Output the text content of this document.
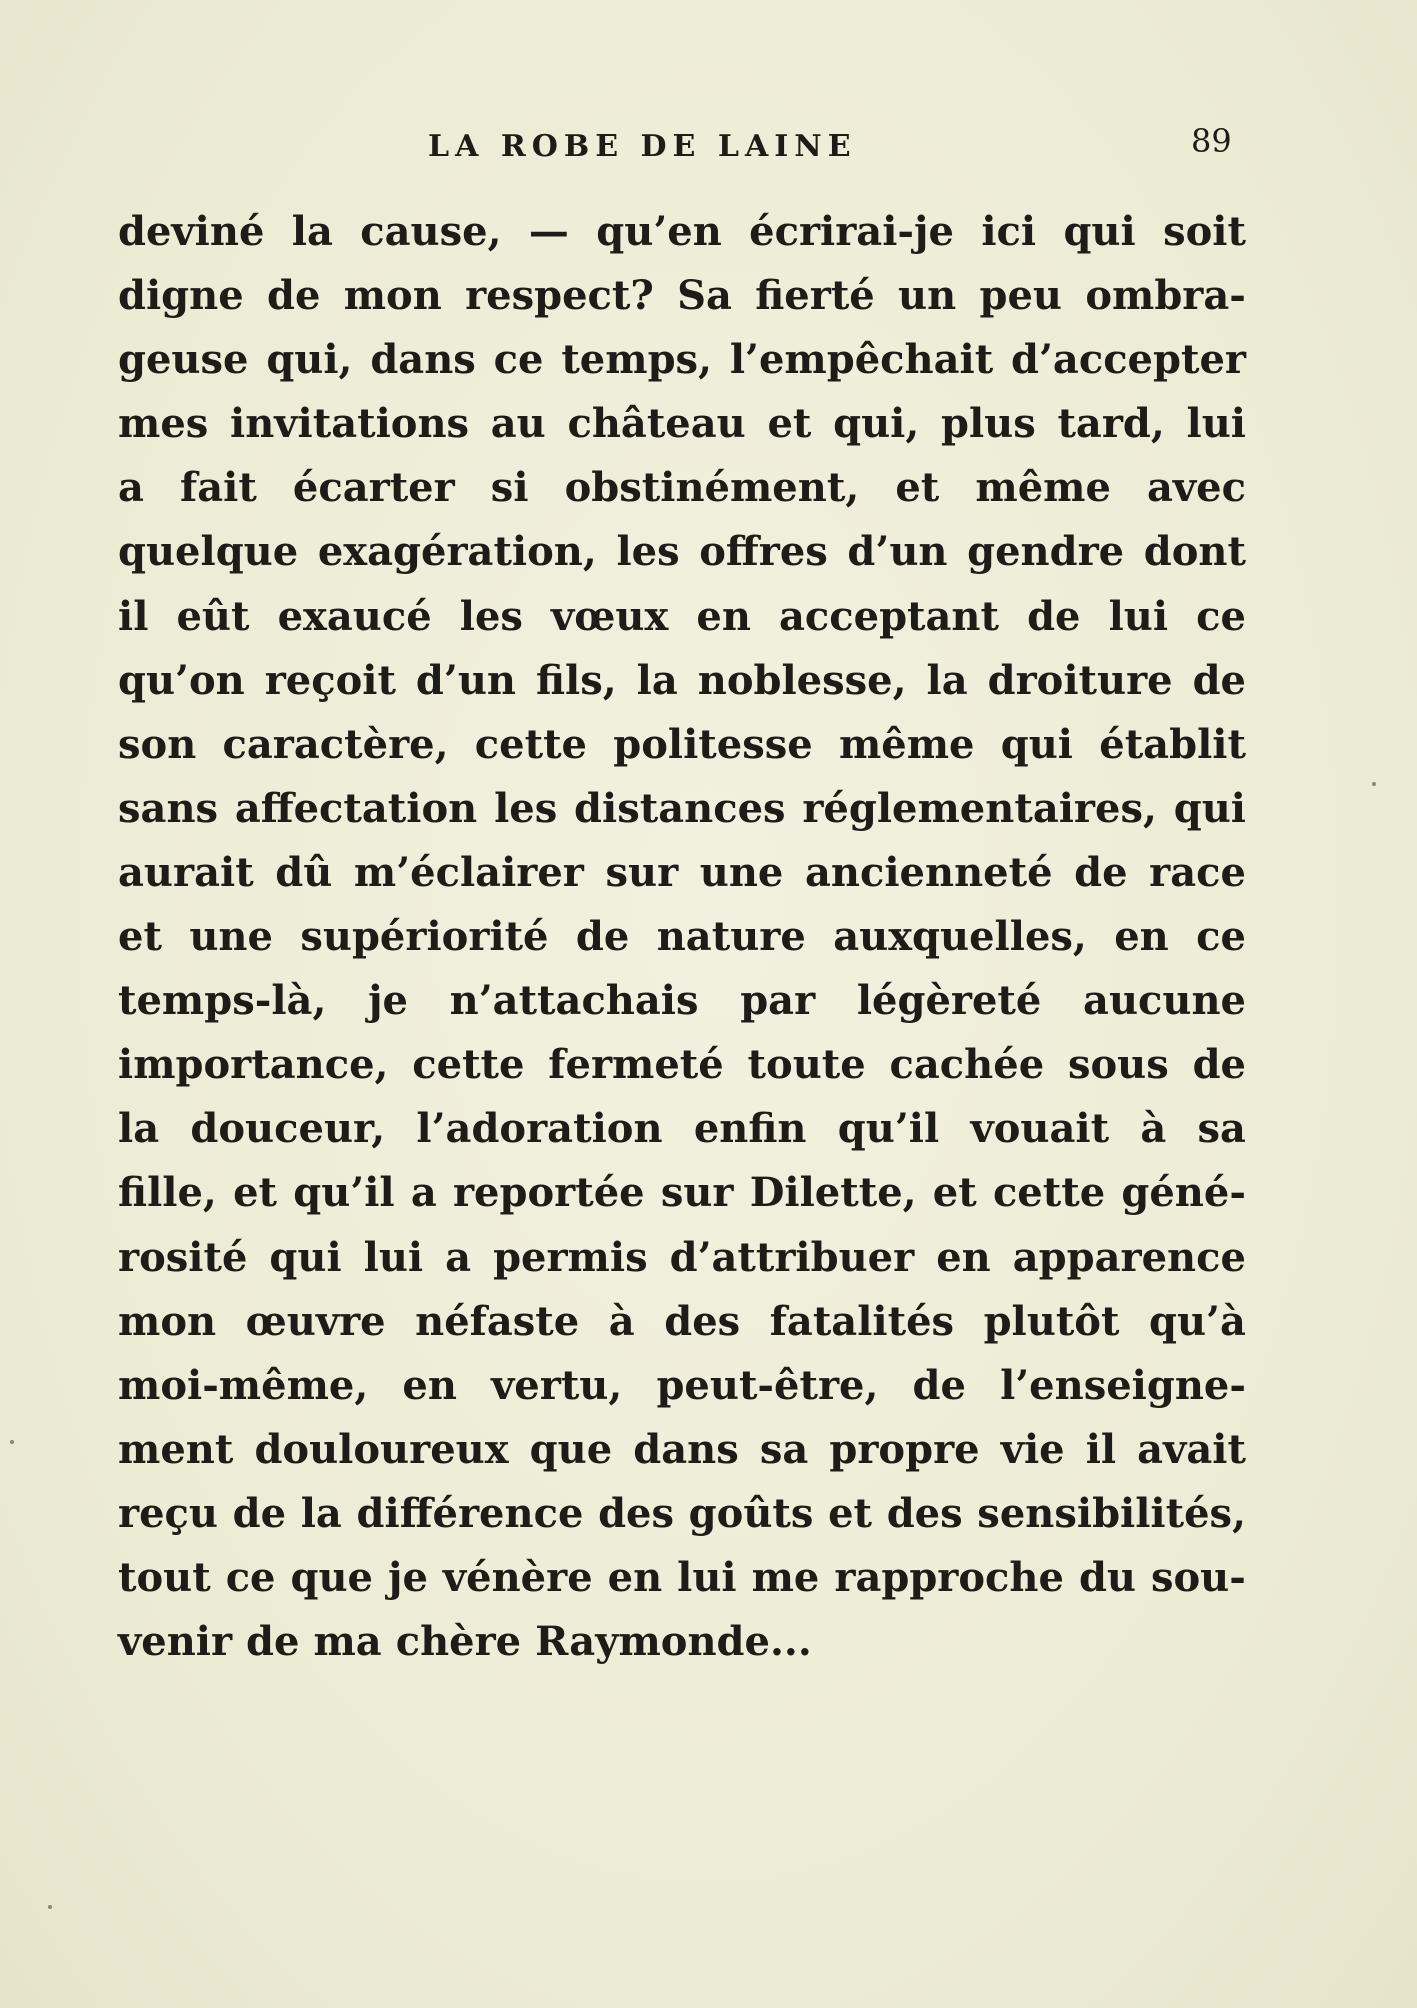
LA ROBE DE LAINE	89
deviné la cause, — qu’en écrirai-je ici qui soit
digne de mon respect? Sa fierté un peu ombra-
geuse qui, dans ce temps, l’empêchait d’accepter
mes invitations au château et qui, plus tard, lui
a fait écarter si obstinément, et même avec
quelque exagération, les offres d’un gendre dont
il eût exaucé les vœux en acceptant de lui ce
qu’on reçoit d’un fils, la noblesse, la droiture de
son caractère, cette politesse même qui établit
sans affectation les distances réglementaires, qui
aurait dû m’éclairer sur une ancienneté de race
et une supériorité de nature auxquelles, en ce
temps-là, je n’attachais par légèreté aucune
importance, cette fermeté toute cachée sous de
la douceur, l’adoration enfin qu’il vouait à sa
fille, et qu’il a reportée sur Dilette, et cette géné-
rosité qui lui a permis d’attribuer en apparence
mon œuvre néfaste à des fatalités plutôt qu’à
moi-même, en vertu, peut-être, de l’enseigne-
ment douloureux que dans sa propre vie il avait
reçu de la différence des goûts et des sensibilités,
tout ce que je vénère en lui me rapproche du sou-
venir de ma chère Raymonde...
